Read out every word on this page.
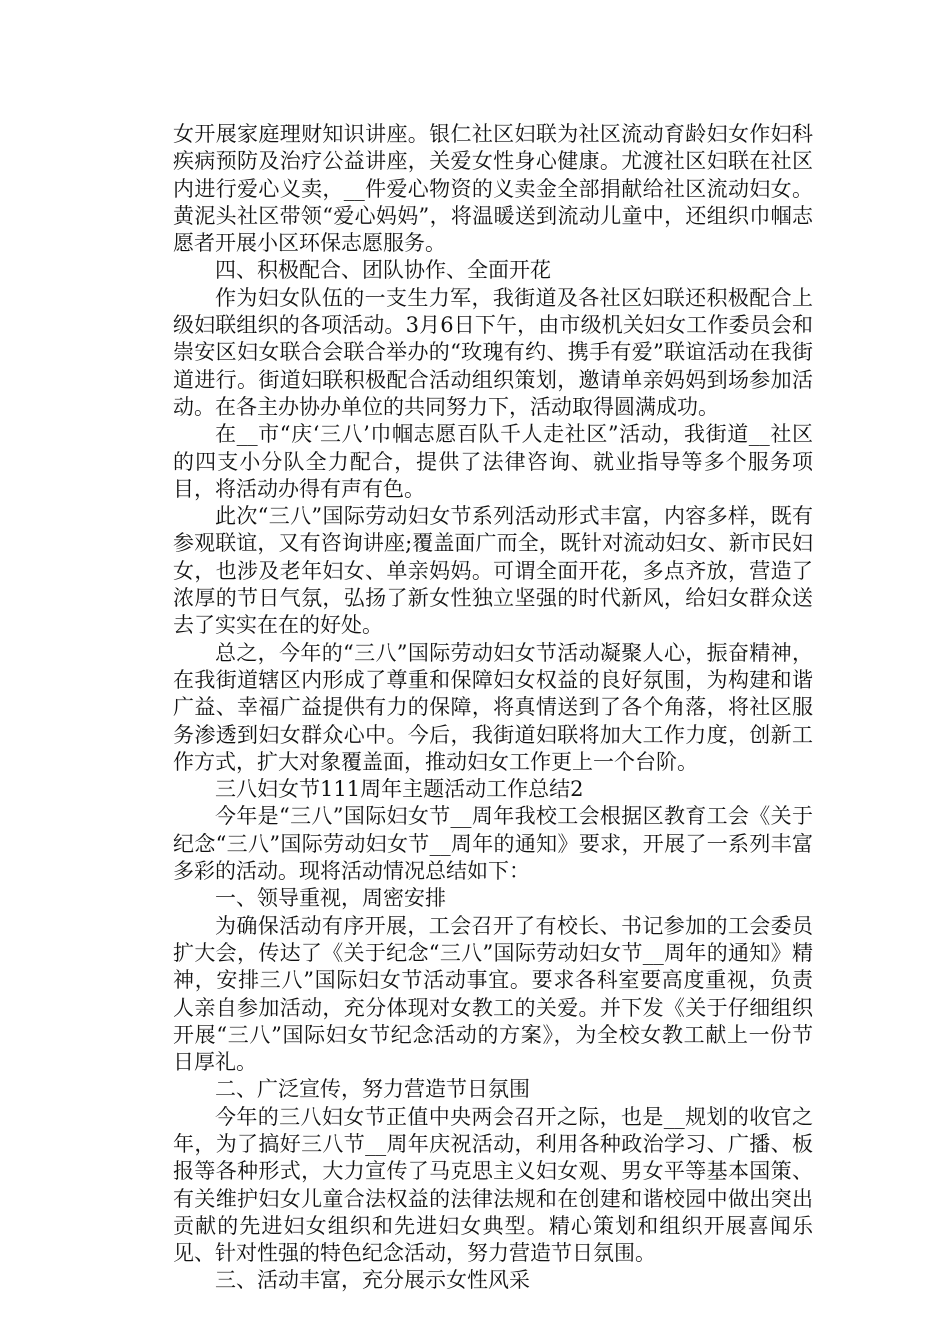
女开展家庭理财知识讲座。银仁社区妇联为社区流动育龄妇女作妇科疾病预防及治疗公益讲座，关爱女性身心健康。尤渡社区妇联在社区内进行爱心义卖，__件爱心物资的义卖金全部捐献给社区流动妇女。黄泥头社区带领“爱心妈妈”，将温暖送到流动儿童中，还组织巾帼志愿者开展小区环保志愿服务。

四、积极配合、团队协作、全面开花

作为妇女队伍的一支生力军，我街道及各社区妇联还积极配合上级妇联组织的各项活动。3月6日下午，由市级机关妇女工作委员会和崇安区妇女联合会联合举办的“玫瑰有约、携手有爱”联谊活动在我街道进行。街道妇联积极配合活动组织策划，邀请单亲妈妈到场参加活动。在各主办协办单位的共同努力下，活动取得圆满成功。

在__市“庆‘三八’巾帼志愿百队千人走社区”活动，我街道__社区的四支小分队全力配合，提供了法律咨询、就业指导等多个服务项目，将活动办得有声有色。

此次“三八”国际劳动妇女节系列活动形式丰富，内容多样，既有参观联谊，又有咨询讲座;覆盖面广而全，既针对流动妇女、新市民妇女，也涉及老年妇女、单亲妈妈。可谓全面开花，多点齐放，营造了浓厚的节日气氛，弘扬了新女性独立坚强的时代新风，给妇女群众送去了实实在在的好处。

总之，今年的“三八”国际劳动妇女节活动凝聚人心，振奋精神，在我街道辖区内形成了尊重和保障妇女权益的良好氛围，为构建和谐广益、幸福广益提供有力的保障，将真情送到了各个角落，将社区服务渗透到妇女群众心中。今后，我街道妇联将加大工作力度，创新工作方式，扩大对象覆盖面，推动妇女工作更上一个台阶。

三八妇女节111周年主题活动工作总结2

今年是“三八”国际妇女节__周年我校工会根据区教育工会《关于纪念“三八”国际劳动妇女节__周年的通知》要求，开展了一系列丰富多彩的活动。现将活动情况总结如下：

一、领导重视，周密安排

为确保活动有序开展，工会召开了有校长、书记参加的工会委员扩大会，传达了《关于纪念“三八”国际劳动妇女节__周年的通知》精神，安排三八”国际妇女节活动事宜。要求各科室要高度重视，负责人亲自参加活动，充分体现对女教工的关爱。并下发《关于仔细组织开展“三八”国际妇女节纪念活动的方案》，为全校女教工献上一份节日厚礼。

二、广泛宣传，努力营造节日氛围

今年的三八妇女节正值中央两会召开之际，也是__规划的收官之年，为了搞好三八节__周年庆祝活动，利用各种政治学习、广播、板报等各种形式，大力宣传了马克思主义妇女观、男女平等基本国策、有关维护妇女儿童合法权益的法律法规和在创建和谐校园中做出突出贡献的先进妇女组织和先进妇女典型。精心策划和组织开展喜闻乐见、针对性强的特色纪念活动，努力营造节日氛围。

三、活动丰富，充分展示女性风采
